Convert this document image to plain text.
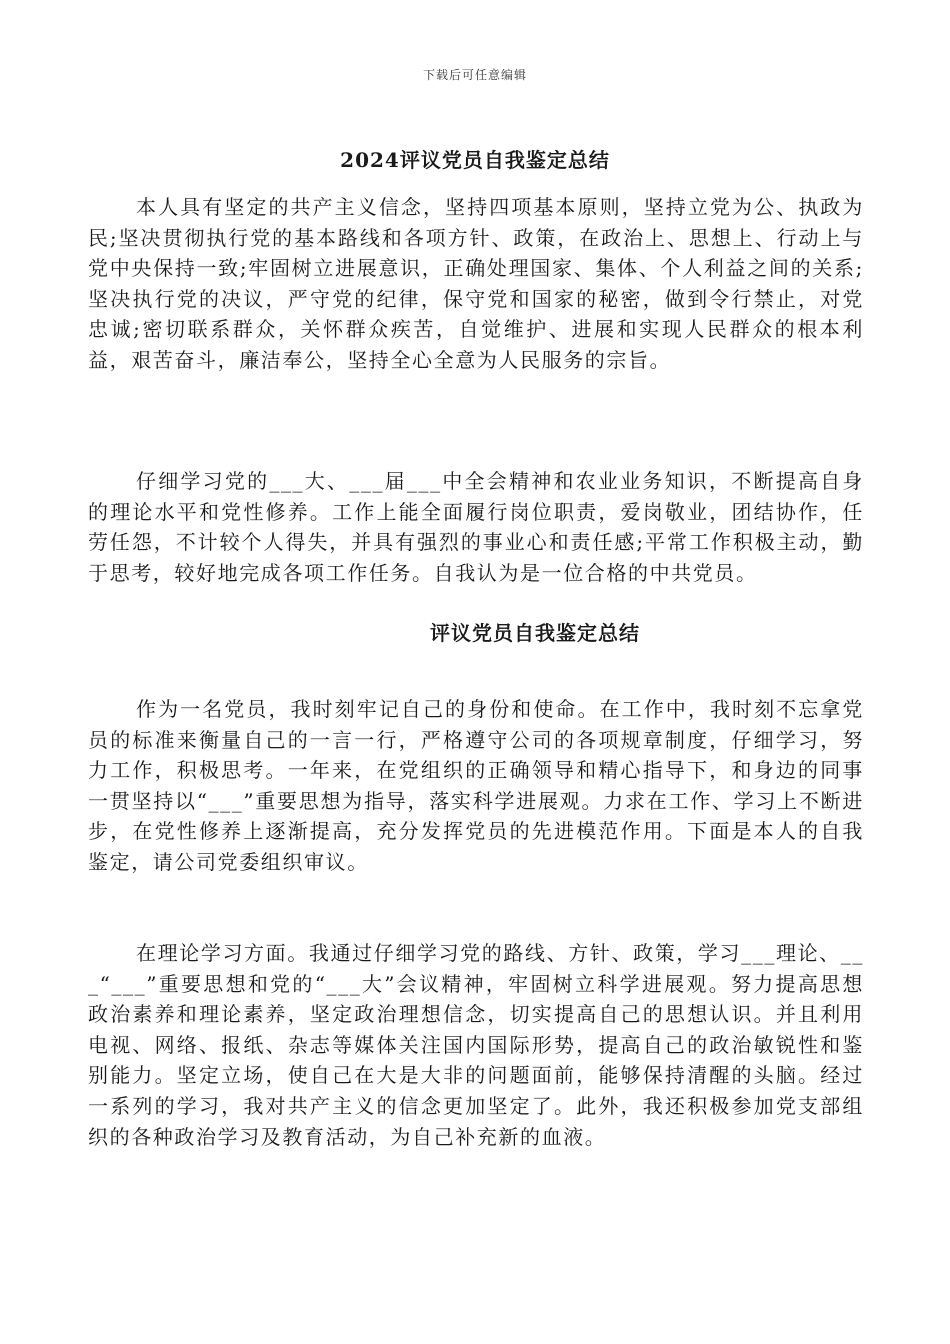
下载后可任意编辑
2024评议党员自我鉴定总结

本人具有坚定的共产主义信念，坚持四项基本原则，坚持立党为公、执政为民;坚决贯彻执行党的基本路线和各项方针、政策，在政治上、思想上、行动上与党中央保持一致;牢固树立进展意识，正确处理国家、集体、个人利益之间的关系;坚决执行党的决议，严守党的纪律，保守党和国家的秘密，做到令行禁止，对党忠诚;密切联系群众，关怀群众疾苦，自觉维护、进展和实现人民群众的根本利益，艰苦奋斗，廉洁奉公，坚持全心全意为人民服务的宗旨。

仔细学习党的___大、___届___中全会精神和农业业务知识，不断提高自身的理论水平和党性修养。工作上能全面履行岗位职责，爱岗敬业，团结协作，任劳任怨，不计较个人得失，并具有强烈的事业心和责任感;平常工作积极主动，勤于思考，较好地完成各项工作任务。自我认为是一位合格的中共党员。

评议党员自我鉴定总结

作为一名党员，我时刻牢记自己的身份和使命。在工作中，我时刻不忘拿党员的标准来衡量自己的一言一行，严格遵守公司的各项规章制度，仔细学习，努力工作，积极思考。一年来，在党组织的正确领导和精心指导下，和身边的同事一贯坚持以“___”重要思想为指导，落实科学进展观。力求在工作、学习上不断进步，在党性修养上逐渐提高，充分发挥党员的先进模范作用。下面是本人的自我鉴定，请公司党委组织审议。

在理论学习方面。我通过仔细学习党的路线、方针、政策，学习___理论、___“___”重要思想和党的“___大”会议精神，牢固树立科学进展观。努力提高思想政治素养和理论素养，坚定政治理想信念，切实提高自己的思想认识。并且利用电视、网络、报纸、杂志等媒体关注国内国际形势，提高自己的政治敏锐性和鉴别能力。坚定立场，使自己在大是大非的问题面前，能够保持清醒的头脑。经过一系列的学习，我对共产主义的信念更加坚定了。此外，我还积极参加党支部组织的各种政治学习及教育活动，为自己补充新的血液。
